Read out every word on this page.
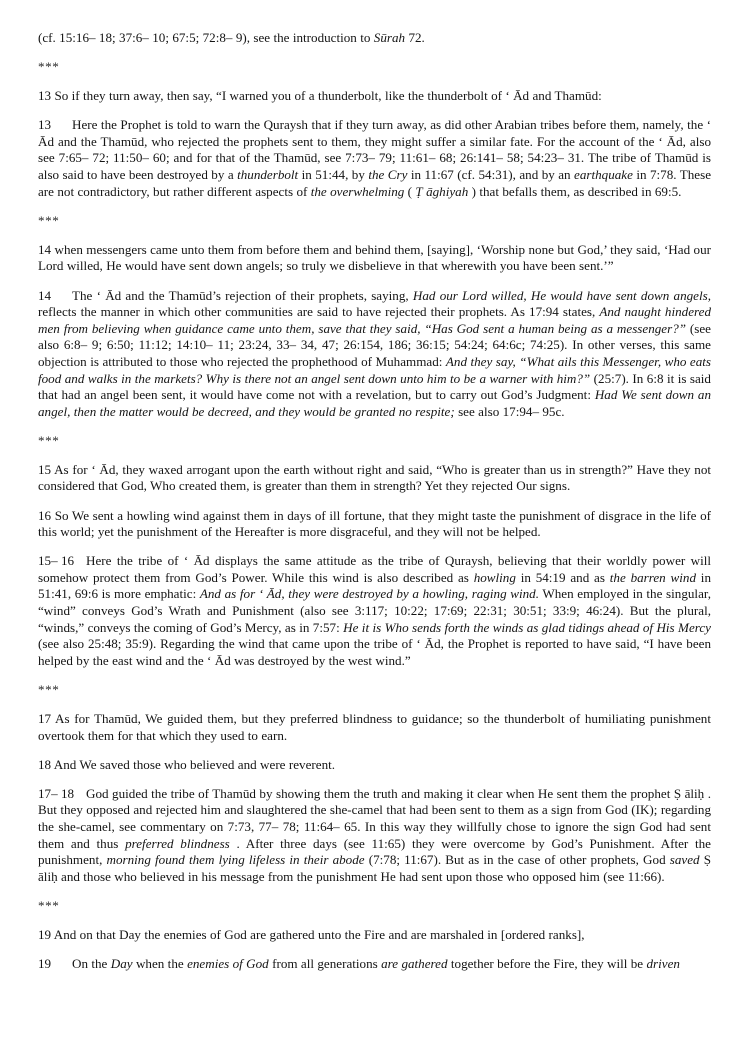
(cf. 15:16– 18; 37:6– 10; 67:5; 72:8– 9), see the introduction to Sūrah 72.

***

13 So if they turn away, then say, “I warned you of a thunderbolt, like the thunderbolt of ‘ Ād and Thamūd:

13 Here the Prophet is told to warn the Quraysh that if they turn away, as did other Arabian tribes before them, namely, the ‘ Ād and the Thamūd, who rejected the prophets sent to them, they might suffer a similar fate. For the account of the ‘ Ād, also see 7:65– 72; 11:50– 60; and for that of the Thamūd, see 7:73– 79; 11:61– 68; 26:141– 58; 54:23– 31. The tribe of Thamūd is also said to have been destroyed by a thunderbolt in 51:44, by the Cry in 11:67 (cf. 54:31), and by an earthquake in 7:78. These are not contradictory, but rather different aspects of the overwhelming ( Ṭ āghiyah ) that befalls them, as described in 69:5.

***

14 when messengers came unto them from before them and behind them, [saying], ‘Worship none but God,’ they said, ‘Had our Lord willed, He would have sent down angels; so truly we disbelieve in that wherewith you have been sent.’”

14 The ‘ Ād and the Thamūd’s rejection of their prophets, saying, Had our Lord willed, He would have sent down angels, reflects the manner in which other communities are said to have rejected their prophets. As 17:94 states, And naught hindered men from believing when guidance came unto them, save that they said, “Has God sent a human being as a messenger?” (see also 6:8– 9; 6:50; 11:12; 14:10– 11; 23:24, 33– 34, 47; 26:154, 186; 36:15; 54:24; 64:6c; 74:25). In other verses, this same objection is attributed to those who rejected the prophethood of Muhammad: And they say, “What ails this Messenger, who eats food and walks in the markets? Why is there not an angel sent down unto him to be a warner with him?” (25:7). In 6:8 it is said that had an angel been sent, it would have come not with a revelation, but to carry out God’s Judgment: Had We sent down an angel, then the matter would be decreed, and they would be granted no respite; see also 17:94– 95c.

***

15 As for ‘ Ād, they waxed arrogant upon the earth without right and said, “Who is greater than us in strength?” Have they not considered that God, Who created them, is greater than them in strength? Yet they rejected Our signs.

16 So We sent a howling wind against them in days of ill fortune, that they might taste the punishment of disgrace in the life of this world; yet the punishment of the Hereafter is more disgraceful, and they will not be helped.

15– 16 Here the tribe of ‘ Ād displays the same attitude as the tribe of Quraysh, believing that their worldly power will somehow protect them from God’s Power. While this wind is also described as howling in 54:19 and as the barren wind in 51:41, 69:6 is more emphatic: And as for ‘ Ād, they were destroyed by a howling, raging wind. When employed in the singular, “wind” conveys God’s Wrath and Punishment (also see 3:117; 10:22; 17:69; 22:31; 30:51; 33:9; 46:24). But the plural, “winds,” conveys the coming of God’s Mercy, as in 7:57: He it is Who sends forth the winds as glad tidings ahead of His Mercy (see also 25:48; 35:9). Regarding the wind that came upon the tribe of ‘ Ād, the Prophet is reported to have said, “I have been helped by the east wind and the ‘ Ād was destroyed by the west wind.”

***

17 As for Thamūd, We guided them, but they preferred blindness to guidance; so the thunderbolt of humiliating punishment overtook them for that which they used to earn.

18 And We saved those who believed and were reverent.

17– 18 God guided the tribe of Thamūd by showing them the truth and making it clear when He sent them the prophet Ṣ āliḥ . But they opposed and rejected him and slaughtered the she-camel that had been sent to them as a sign from God (IK); regarding the she-camel, see commentary on 7:73, 77– 78; 11:64– 65. In this way they willfully chose to ignore the sign God had sent them and thus preferred blindness . After three days (see 11:65) they were overcome by God’s Punishment. After the punishment, morning found them lying lifeless in their abode (7:78; 11:67). But as in the case of other prophets, God saved Ṣ āliḥ and those who believed in his message from the punishment He had sent upon those who opposed him (see 11:66).

***

19 And on that Day the enemies of God are gathered unto the Fire and are marshaled in [ordered ranks],

19 On the Day when the enemies of God from all generations are gathered together before the Fire, they will be driven
